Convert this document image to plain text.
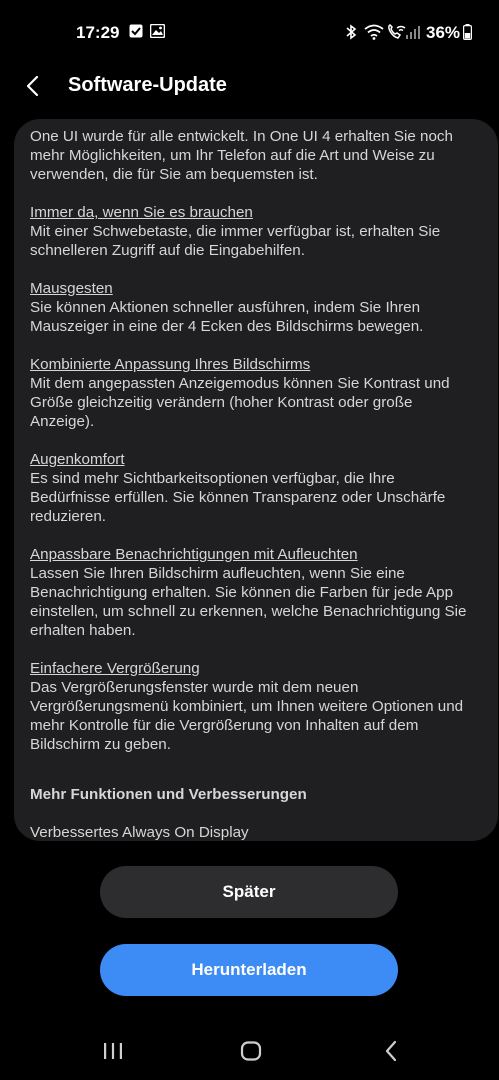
17:29	36%
Software-Update

One UI wurde für alle entwickelt. In One UI 4 erhalten Sie noch mehr Möglichkeiten, um Ihr Telefon auf die Art und Weise zu verwenden, die für Sie am bequemsten ist.

Immer da, wenn Sie es brauchen

Mit einer Schwebetaste, die immer verfügbar ist, erhalten Sie schnelleren Zugriff auf die Eingabehilfen.

Mausgesten

Sie können Aktionen schneller ausführen, indem Sie Ihren Mauszeiger in eine der 4 Ecken des Bildschirms bewegen.

Kombinierte Anpassung Ihres Bildschirms

Mit dem angepassten Anzeigemodus können Sie Kontrast und Größe gleichzeitig verändern (hoher Kontrast oder große Anzeige).

Augenkomfort

Es sind mehr Sichtbarkeitsoptionen verfügbar, die Ihre Bedürfnisse erfüllen. Sie können Transparenz oder Unschärfe reduzieren.

Anpassbare Benachrichtigungen mit Aufleuchten

Lassen Sie Ihren Bildschirm aufleuchten, wenn Sie eine Benachrichtigung erhalten. Sie können die Farben für jede App einstellen, um schnell zu erkennen, welche Benachrichtigung Sie erhalten haben.

Einfachere Vergrößerung

Das Vergrößerungsfenster wurde mit dem neuen Vergrößerungsmenü kombiniert, um Ihnen weitere Optionen und mehr Kontrolle für die Vergrößerung von Inhalten auf dem Bildschirm zu geben.

Mehr Funktionen und Verbesserungen

Verbessertes Always On Display

Später
Herunterladen
